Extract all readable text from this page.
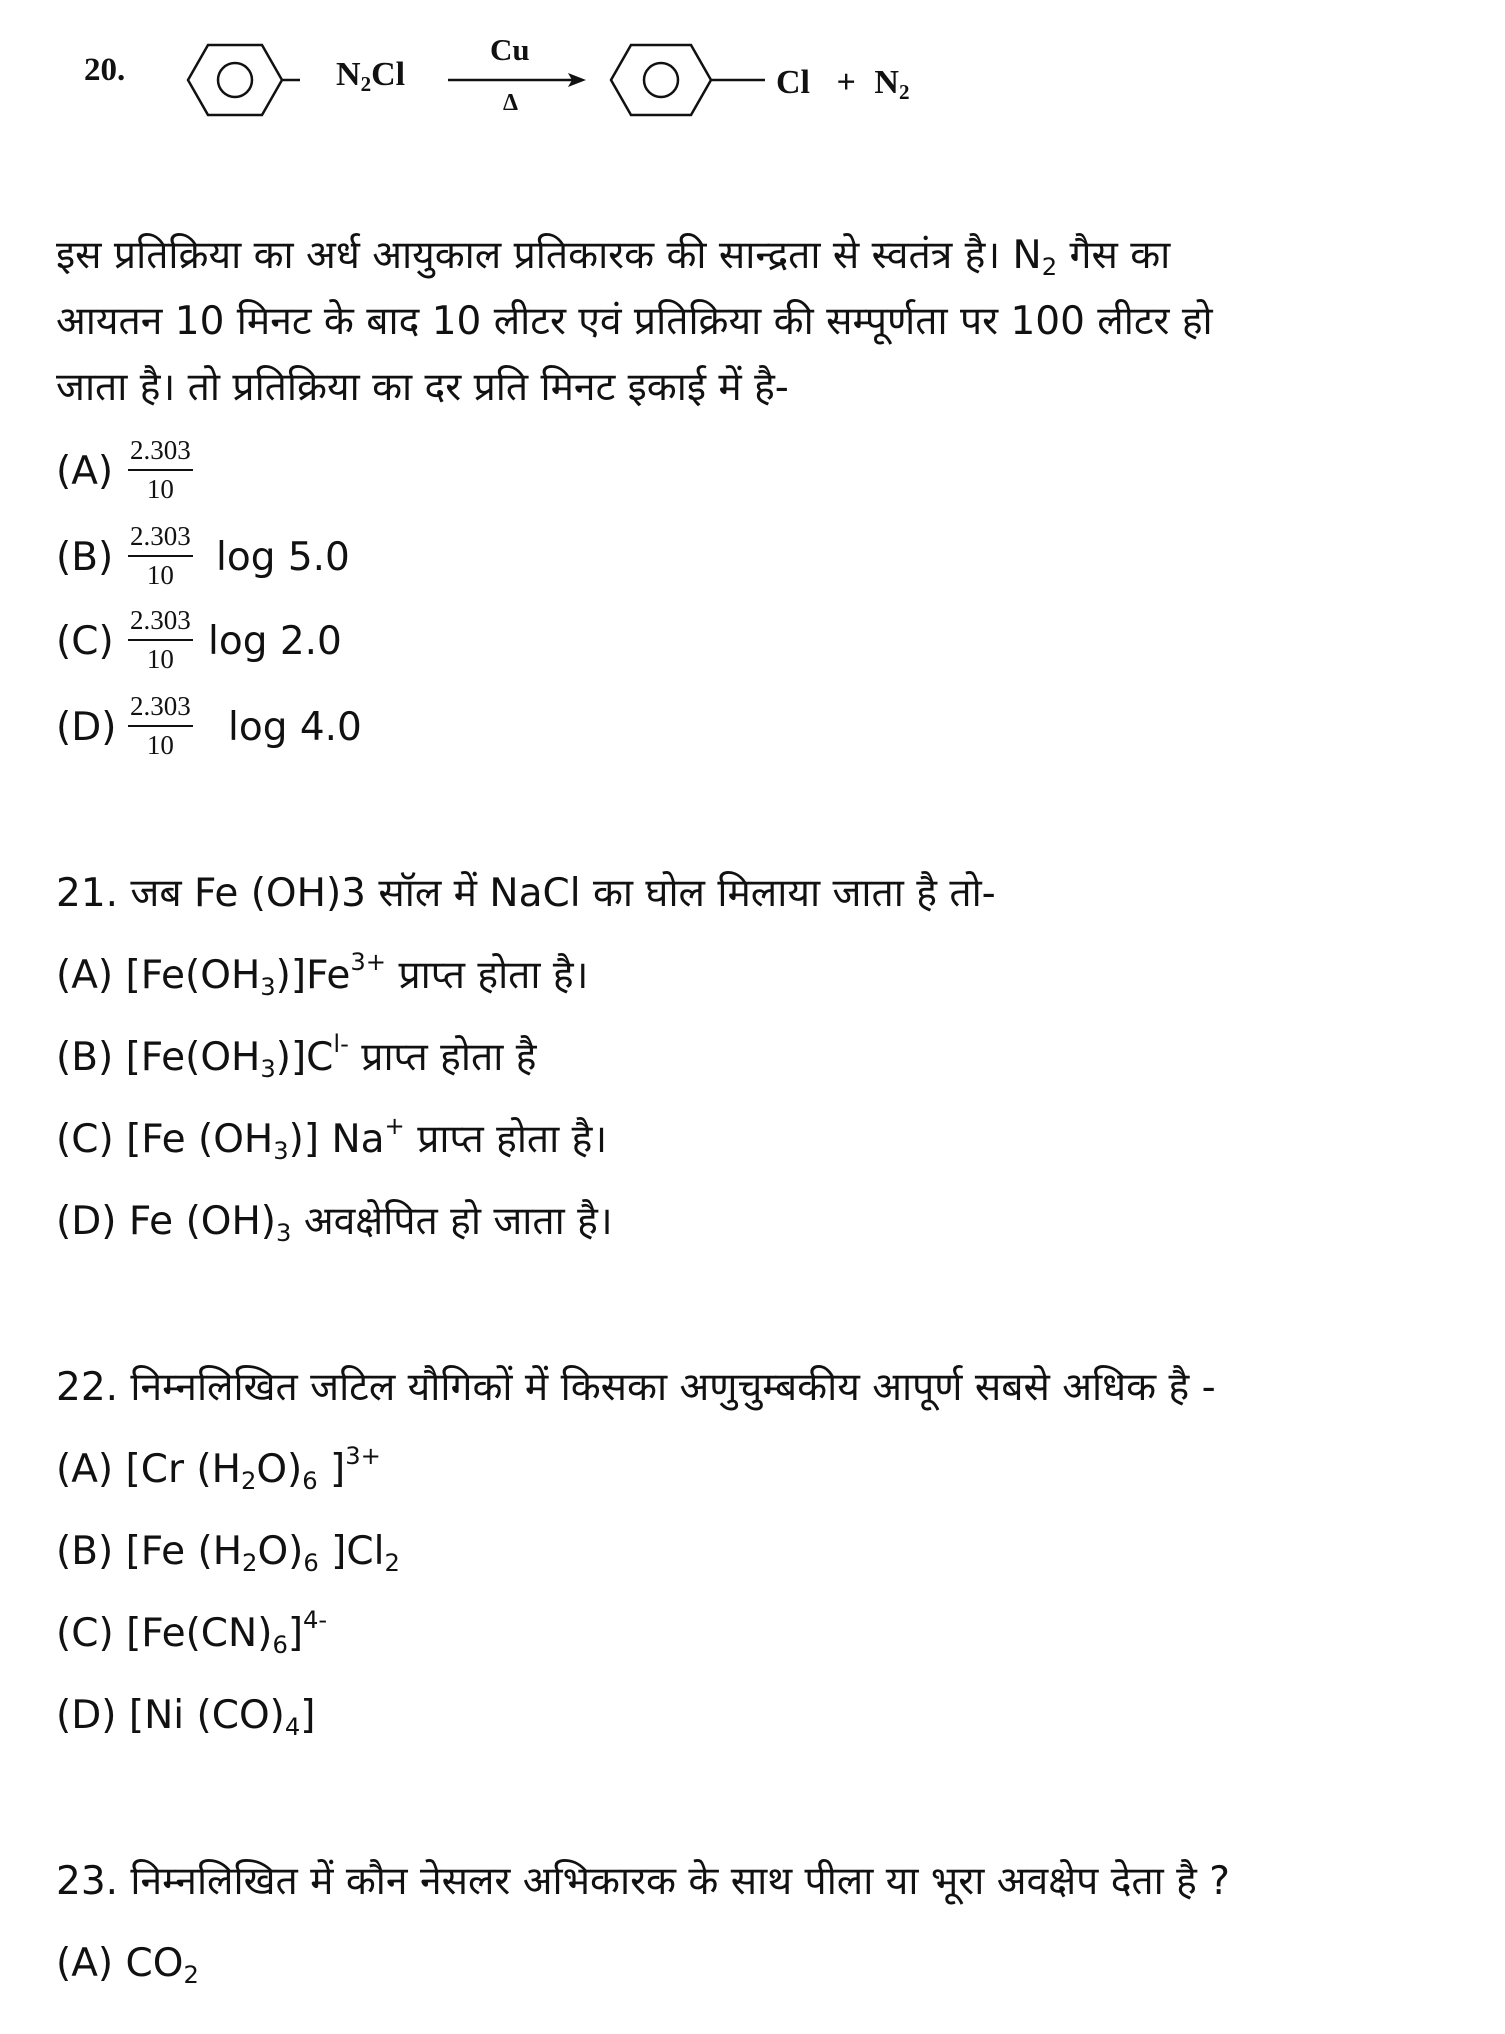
20.	$N_2Cl$
Cu
Δ
$Cl + N_2$
इस प्रतिक्रिया का अर्ध आयुकाल प्रतिकारक की सान्द्रता से स्वतंत्र है। $N_2$ गैस का
आयतन 10 मिनट के बाद 10 लीटर एवं प्रतिक्रिया की सम्पूर्णता पर 100 लीटर हो
जाता है। तो प्रतिक्रिया का दर प्रति मिनट इकाई में है-
$(A) \frac{2.303}{10}$
$(B) \frac{2.303}{10}$ log 5.0
$(C) \frac{2.303}{10}$ log 2.0
$(D) \frac{2.303}{10}$ log 4.0
21. जब Fe (OH)3 सॉल में NaCl का घोल मिलाया जाता है तो-
(A) $[Fe(OH_3)]Fe^{3+}$ प्राप्त होता है।
(B) $[Fe(OH_3)]C^{l-}$ प्राप्त होता है
(C) [Fe $(OH_3)$] Na+ प्राप्त होता है।
(D) Fe $(OH)_3$ अवक्षेपित हो जाता है।
22. निम्नलिखित जटिल यौगिकों में किसका अणुचुम्बकीय आपूर्ण सबसे अधिक है -
(A) [Cr $(H_2O)_6$ ]$^{3+}$
(B) [Fe $(H_2O)_6$ ]$Cl_2$
(C) $[Fe(CN)_6]^{4-}$
(D) [Ni $(CO)_4$]
23. निम्नलिखित में कौन नेसलर अभिकारक के साथ पीला या भूरा अवक्षेप देता है ?
(A) $CO_2$
